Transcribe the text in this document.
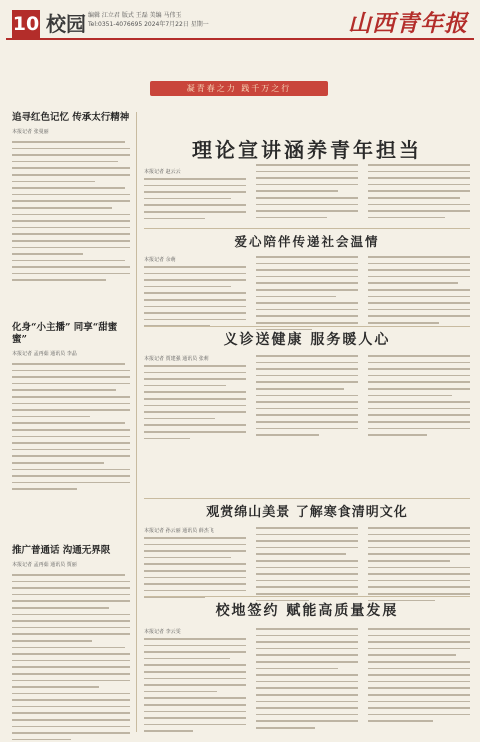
10 校园 编辑 江立君 版式 王磊 美编 马伟玉
Tel:0351-4076695 2024年7月22日 星期一	山西青年报
凝青春之力 践千万之行
追寻红色记忆 传承太行精神
本报记者 张曼丽
化身“小主播” 同享“甜蜜蜜”
本报记者 孟再茹 通讯员 李晶
推广普通话 沟通无界限
本报记者 孟再茹 通讯员 贾丽
理论宣讲涵养青年担当
本报记者 赵云云
爱心陪伴传递社会温情
本报记者 余萌
义诊送健康 服务暖人心
本报记者 贾建强 通讯员 张莉
观赏绵山美景 了解寒食清明文化
本报记者 孙云丽 通讯员 薛杰飞
校地签约 赋能高质量发展
本报记者 李云雯
